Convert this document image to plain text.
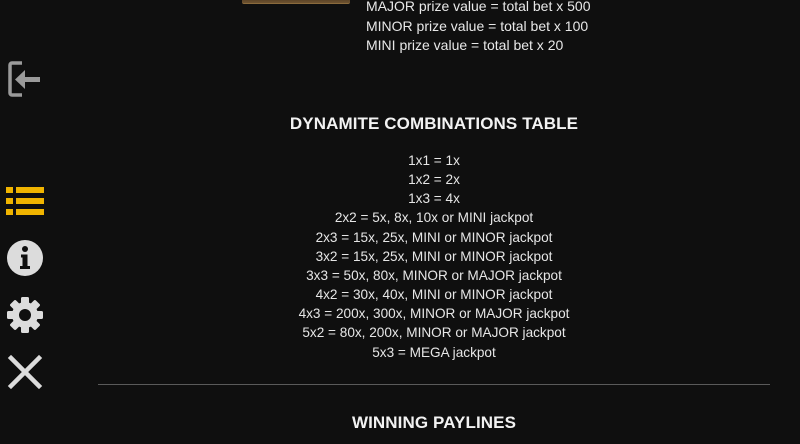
MAJOR prize value = total bet x 500
MINOR prize value = total bet x 100
MINI prize value = total bet x 20
DYNAMITE COMBINATIONS TABLE
1x1 = 1x
1x2 = 2x
1x3 = 4x
2x2 = 5x, 8x, 10x or MINI jackpot
2x3 = 15x, 25x, MINI or MINOR jackpot
3x2 = 15x, 25x, MINI or MINOR jackpot
3x3 = 50x, 80x, MINOR or MAJOR jackpot
4x2 = 30x, 40x, MINI or MINOR jackpot
4x3 = 200x, 300x, MINOR or MAJOR jackpot
5x2 = 80x, 200x, MINOR or MAJOR jackpot
5x3 = MEGA jackpot
WINNING PAYLINES
